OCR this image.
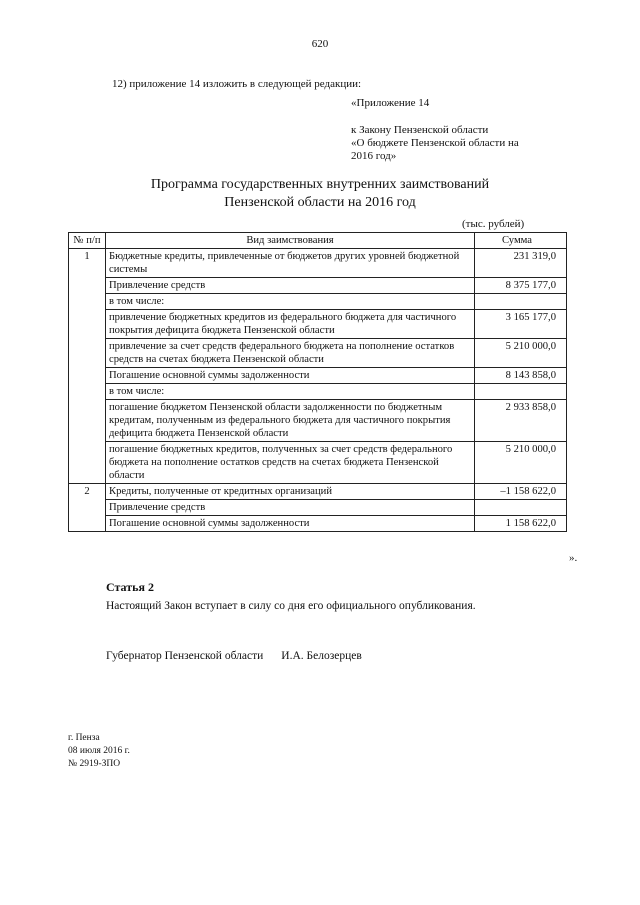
620
12) приложение 14 изложить в следующей редакции:
«Приложение 14
к Закону Пензенской области
«О бюджете Пензенской области на
2016 год»
Программа государственных внутренних заимствований
Пензенской области на 2016 год
(тыс. рублей)
№ п/п	Вид заимствования	Сумма
1	Бюджетные кредиты, привлеченные от бюджетов других уровней бюджетной системы	231 319,0
	Привлечение средств	8 375 177,0
	в том числе:	
	привлечение бюджетных кредитов из федерального бюджета для частичного покрытия дефицита бюджета Пензенской области	3 165 177,0
	привлечение за счет средств федерального бюджета на пополнение остатков средств на счетах бюджета Пензенской области	5 210 000,0
	Погашение основной суммы задолженности	8 143 858,0
	в том числе:	
	погашение бюджетом Пензенской области задолженности по бюджетным кредитам, полученным из федерального бюджета для частичного покрытия дефицита бюджета Пензенской области	2 933 858,0
	погашение бюджетных кредитов, полученных за счет средств федерального бюджета на пополнение остатков средств на счетах бюджета Пензенской области	5 210 000,0
2	Кредиты, полученные от кредитных организаций	–1 158 622,0
	Привлечение средств	
	Погашение основной суммы задолженности	1 158 622,0
».
Статья 2
Настоящий Закон вступает в силу со дня его официального опубликования.
Губернатор Пензенской области И.А. Белозерцев
г. Пенза
08 июля 2016 г.
№ 2919-ЗПО
